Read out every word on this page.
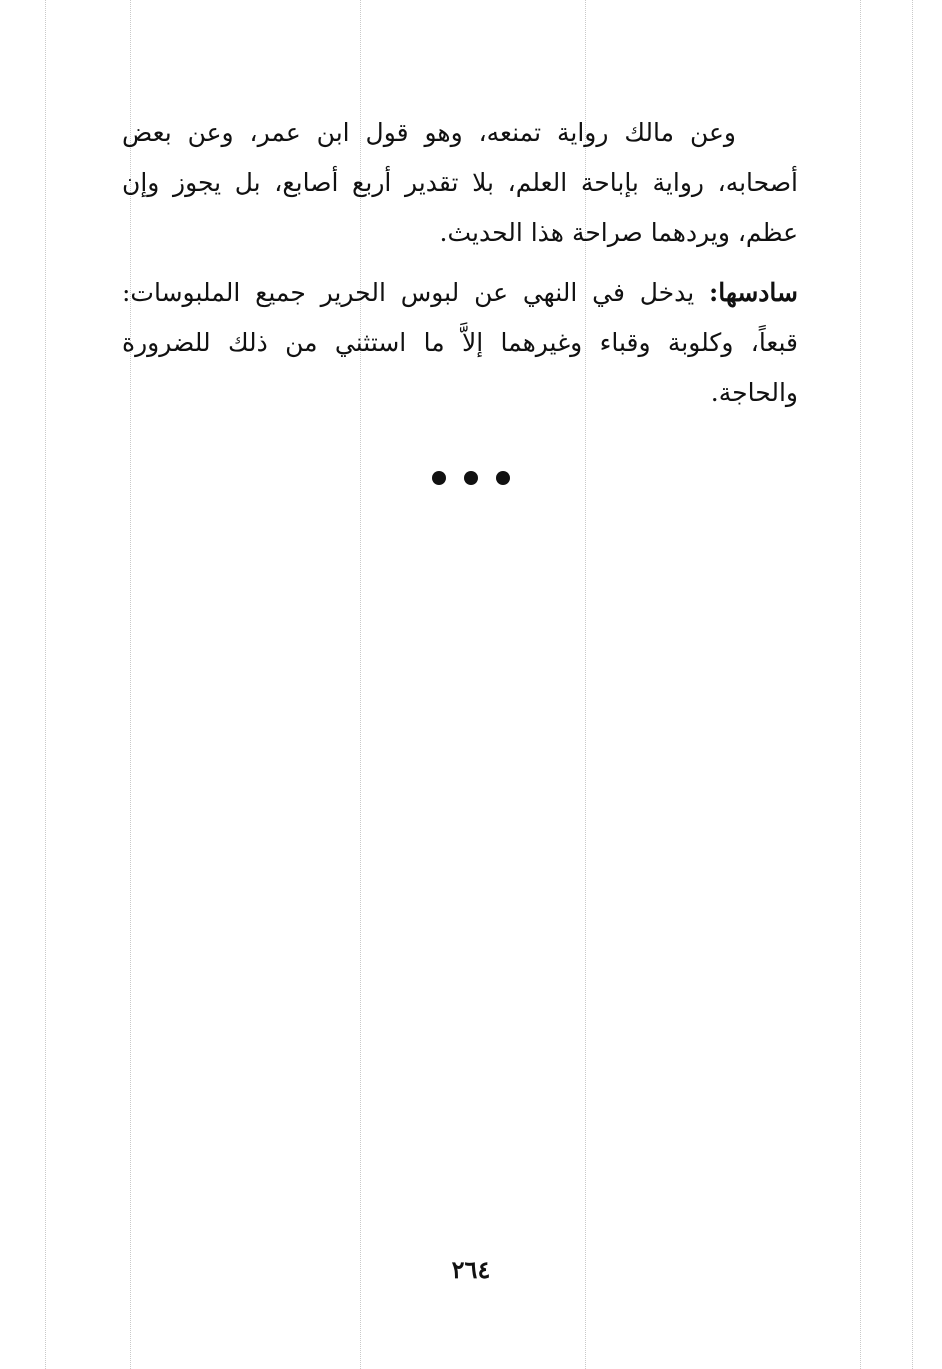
وعن مالك رواية تمنعه، وهو قول ابن عمر، وعن بعض أصحابه، رواية بإباحة العلم، بلا تقدير أربع أصابع، بل يجوز وإن عظم، ويردهما صراحة هذا الحديث.
سادسها: يدخل في النهي عن لبوس الحرير جميع الملبوسات: قبعاً، وكلوبة وقباء وغيرهما إلاَّ ما استثني من ذلك للضرورة والحاجة.

٢٦٤
